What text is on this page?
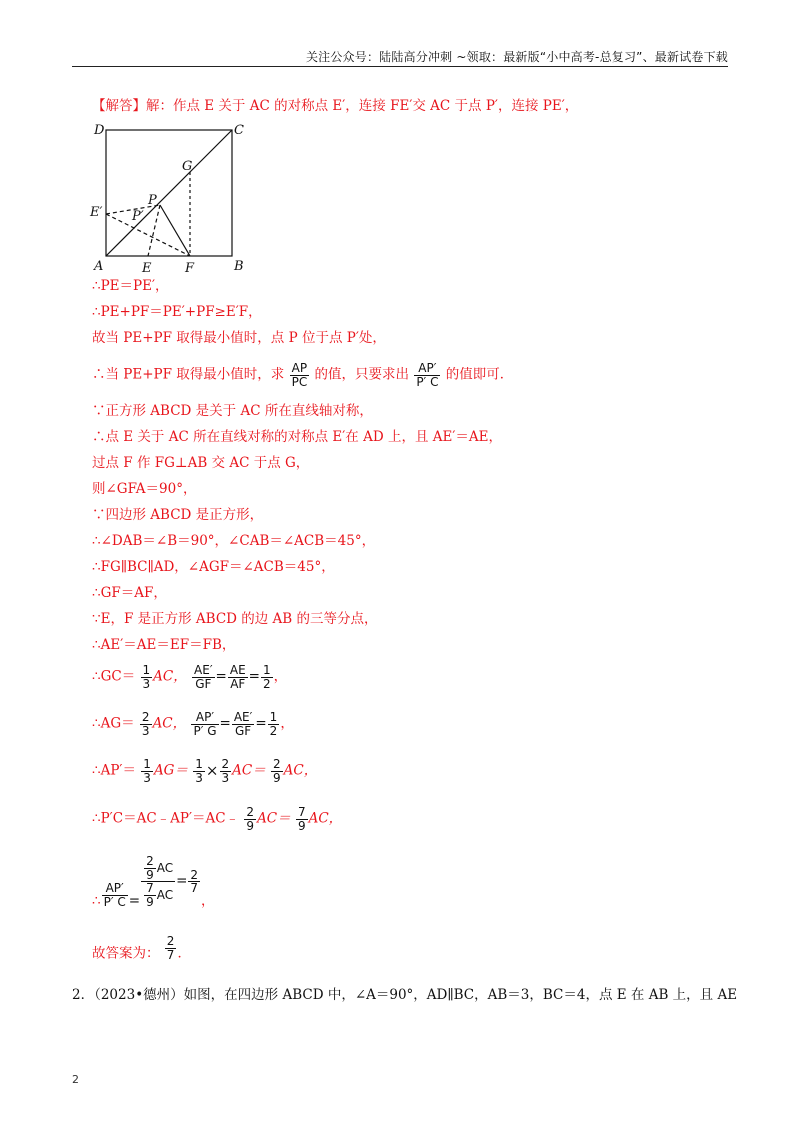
关注公众号：陆陆高分冲刺 ~领取：最新版“小中高考-总复习”、最新试卷下载
【解答】解：作点 E 关于 AC 的对称点 E′，连接 FE′交 AC 于点 P′，连接 PE′，
D	C
A	B
E	F
G
P
P′
E′
∴PE＝PE′，
∴PE+PF＝PE′+PF≥E′F，
故当 PE+PF 取得最小值时，点 P 位于点 P′处，
∴当 PE+PF 取得最小值时，求 $\frac{AP}{PC}$ 的值，只要求出 $\frac{AP'}{P' C}$ 的值即可．
∵正方形 ABCD 是关于 AC 所在直线轴对称，
∴点 E 关于 AC 所在直线对称的对称点 E′在 AD 上，且 AE′＝AE，
过点 F 作 FG⊥AB 交 AC 于点 G，
则∠GFA＝90°，
∵四边形 ABCD 是正方形，
∴∠DAB＝∠B＝90°，∠CAB＝∠ACB＝45°，
∴FG∥BC∥AD，∠AGF＝∠ACB＝45°，
∴GF＝AF，
∵E，F 是正方形 ABCD 的边 AB 的三等分点，
∴AE′＝AE＝EF＝FB，
∴GC＝ $\frac{1}{3}$ AC， $\frac{AE'}{GF} = \frac{AE}{AF} = \frac{1}{2}$ ，
∴AG＝ $\frac{2}{3}$ AC， $\frac{AP'}{P' G} = \frac{AE'}{GF} = \frac{1}{2}$ ，
∴AP′＝ $\frac{1}{3} AG= \frac{1}{3} \times \frac{2}{3} AC= \frac{2}{9}$ AC，
∴P′C＝AC﹣AP′＝AC﹣ $\frac{2}{9} AC= \frac{7}{9}$ AC，
∴ $\frac{AP'}{P' C} = \frac{\frac{2}{9} AC}{\frac{7}{9} AC} = \frac{2}{7}$
，
故答案为： $\frac{2}{7}$ ．
2．（2023•德州）如图，在四边形 ABCD 中，∠A＝90°，AD∥BC，AB＝3，BC＝4，点 E 在 AB 上，且 AE
2
